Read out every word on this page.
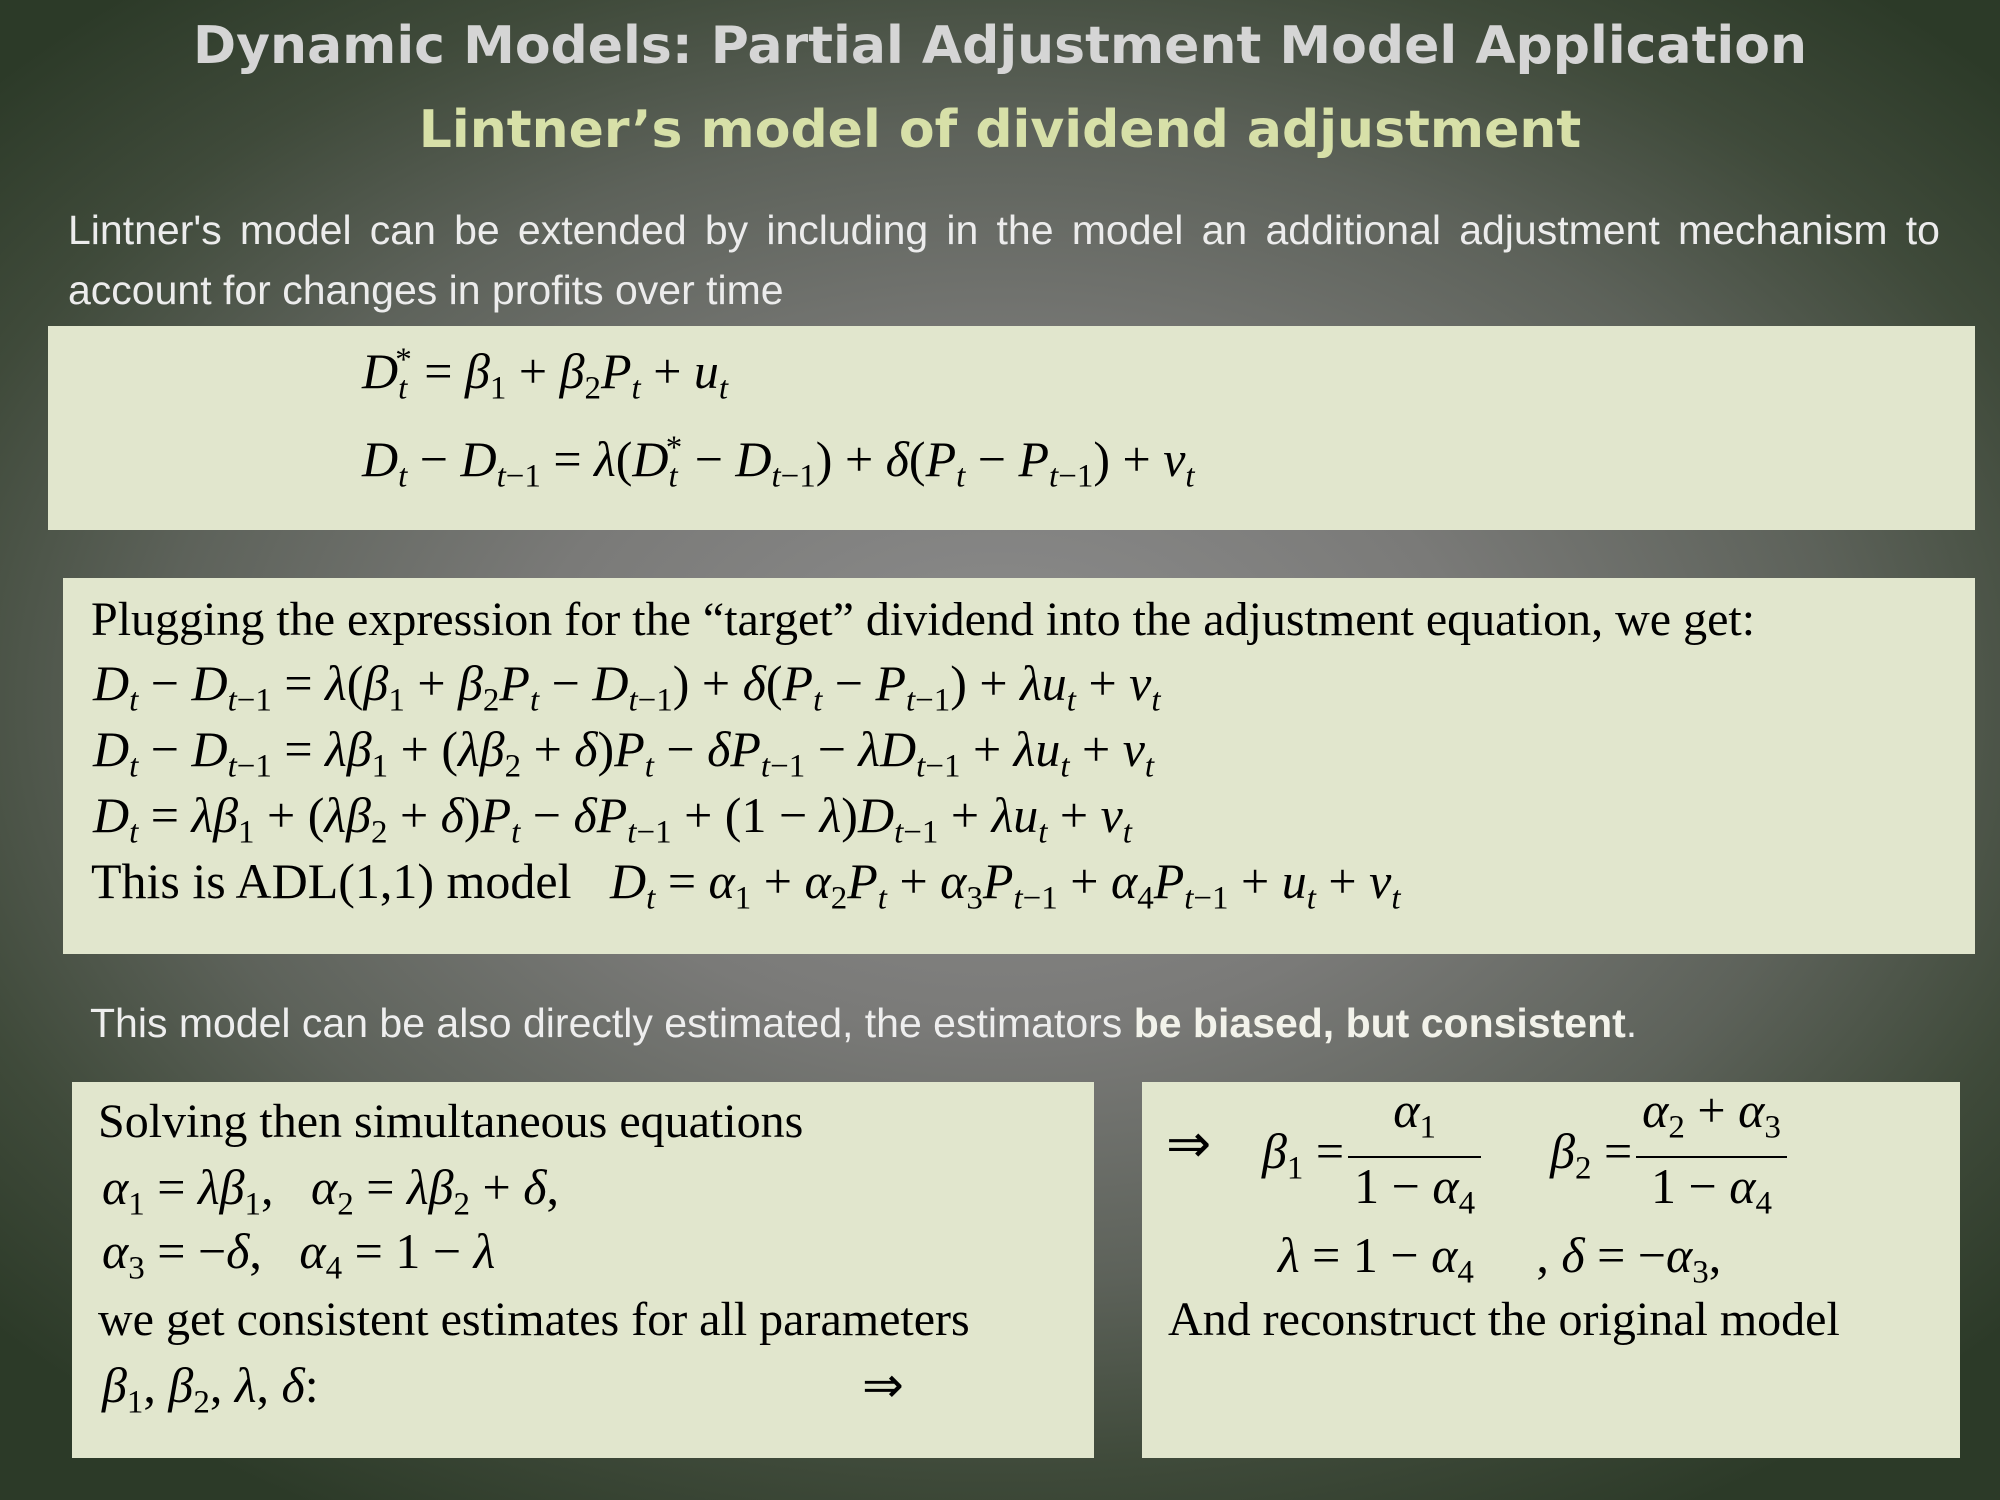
Dynamic Models: Partial Adjustment Model Application
Lintner’s model of dividend adjustment
Lintner's model can be extended by including in the model an additional adjustment mechanism to account for changes in profits over time
$D_t^* = \beta_1 + \beta_2P_t + u_t$
$D_t - D_{t-1} = \lambda(D_t^* - D_{t-1}) + \delta(P_t - P_{t-1}) + v_t$
Plugging the expression for the “target” dividend into the adjustment equation, we get:
$D_t - D_{t-1} = \lambda(\beta_1 + \beta_2P_t - D_{t-1}) + \delta(P_t - P_{t-1}) + \lambda u_t + v_t$
$D_t - D_{t-1} = \lambda\beta_1 + (\lambda\beta_2 + \delta)P_t - \delta P_{t-1} - \lambda D_{t-1} + \lambda u_t + v_t$
$D_t = \lambda\beta_1 + (\lambda\beta_2 + \delta)P_t - \delta P_{t-1} + (1 - \lambda)D_{t-1} + \lambda u_t + v_t$
This is ADL(1,1) model $D_t = \alpha_1 + \alpha_2P_t + \alpha_3P_{t-1} + \alpha_4P_{t-1} + u_t + v_t$
This model can be also directly estimated, the estimators be biased, but consistent.
Solving then simultaneous equations
$\alpha_1 = \lambda\beta_1$,   $\alpha_2 = \lambda\beta_2 + \delta$,
$\alpha_3 = -\delta$,   $\alpha_4 = 1 - \lambda$
we get consistent estimates for all parameters
$\beta_1$, $\beta_2$, λ, δ:	⇒
⇒ $\beta_1 = \frac{\alpha_1}{1 - \alpha_4} \beta_2 = \frac{\alpha_2 + \alpha_3}{1 - \alpha_4}$
$\lambda = 1 - \alpha_4$     , $\delta = -\alpha_3$,
And reconstruct the original model
